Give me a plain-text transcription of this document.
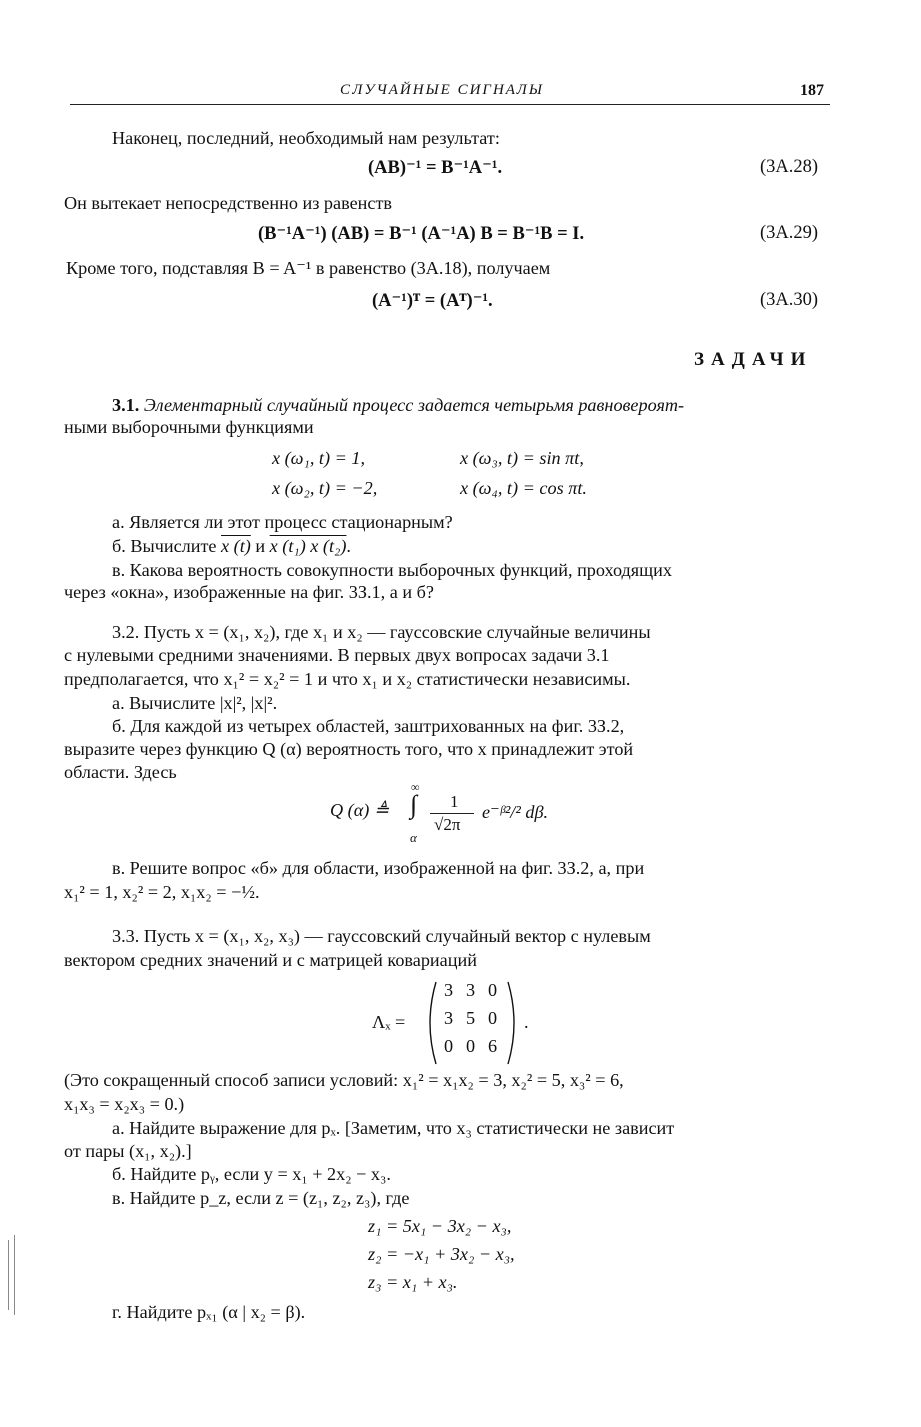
СЛУЧАЙНЫЕ СИГНАЛЫ	187
Наконец, последний, необходимый нам результат:
(AB)⁻¹ = B⁻¹A⁻¹.	(3A.28)
Он вытекает непосредственно из равенств
(B⁻¹A⁻¹) (AB) = B⁻¹ (A⁻¹A) B = B⁻¹B = I.	(3A.29)
Кроме того, подставляя B = A⁻¹ в равенство (3A.18), получаем
(A⁻¹)ᵀ = (Aᵀ)⁻¹.	(3A.30)
ЗАДАЧИ
3.1. Элементарный случайный процесс задается четырьмя равновероят-
ными выборочными функциями
x (ω₁, t) = 1,	x (ω₃, t) = sin πt,
x (ω₂, t) = −2,	x (ω₄, t) = cos πt.
а. Является ли этот процесс стационарным?
б. Вычислите x (t) и x (t₁) x (t₂).
в. Какова вероятность совокупности выборочных функций, проходящих
через «окна», изображенные на фиг. 3З.1, а и б?
3.2. Пусть x = (x₁, x₂), где x₁ и x₂ — гауссовские случайные величины
с нулевыми средними значениями. В первых двух вопросах задачи 3.1
предполагается, что x₁² = x₂² = 1 и что x₁ и x₂ статистически независимы.
а. Вычислите |x|², |x|².
б. Для каждой из четырех областей, заштрихованных на фиг. 3З.2,
выразите через функцию Q (α) вероятность того, что x принадлежит этой
области. Здесь
Q (α) ≜ ∫
∞
α
1
√2π
e⁻ᵝ²/² dβ.
в. Решите вопрос «б» для области, изображенной на фиг. 3З.2, а, при
x₁² = 1, x₂² = 2, x₁x₂ = −½.
3.3. Пусть x = (x₁, x₂, x₃) — гауссовский случайный вектор с нулевым
вектором средних значений и с матрицей ковариаций
Λₓ =
3 3 0
3 5 0
0 0 6
.
(Это сокращенный способ записи условий: x₁² = x₁x₂ = 3, x₂² = 5, x₃² = 6,
x₁x₃ = x₂x₃ = 0.)
а. Найдите выражение для pₓ. [Заметим, что x₃ статистически не зависит
от пары (x₁, x₂).]
б. Найдите pᵧ, если y = x₁ + 2x₂ − x₃.
в. Найдите p_z, если z = (z₁, z₂, z₃), где
z₁ = 5x₁ − 3x₂ − x₃,
z₂ = −x₁ + 3x₂ − x₃,
z₃ = x₁ + x₃.
г. Найдите pₓ₁ (α | x₂ = β).
